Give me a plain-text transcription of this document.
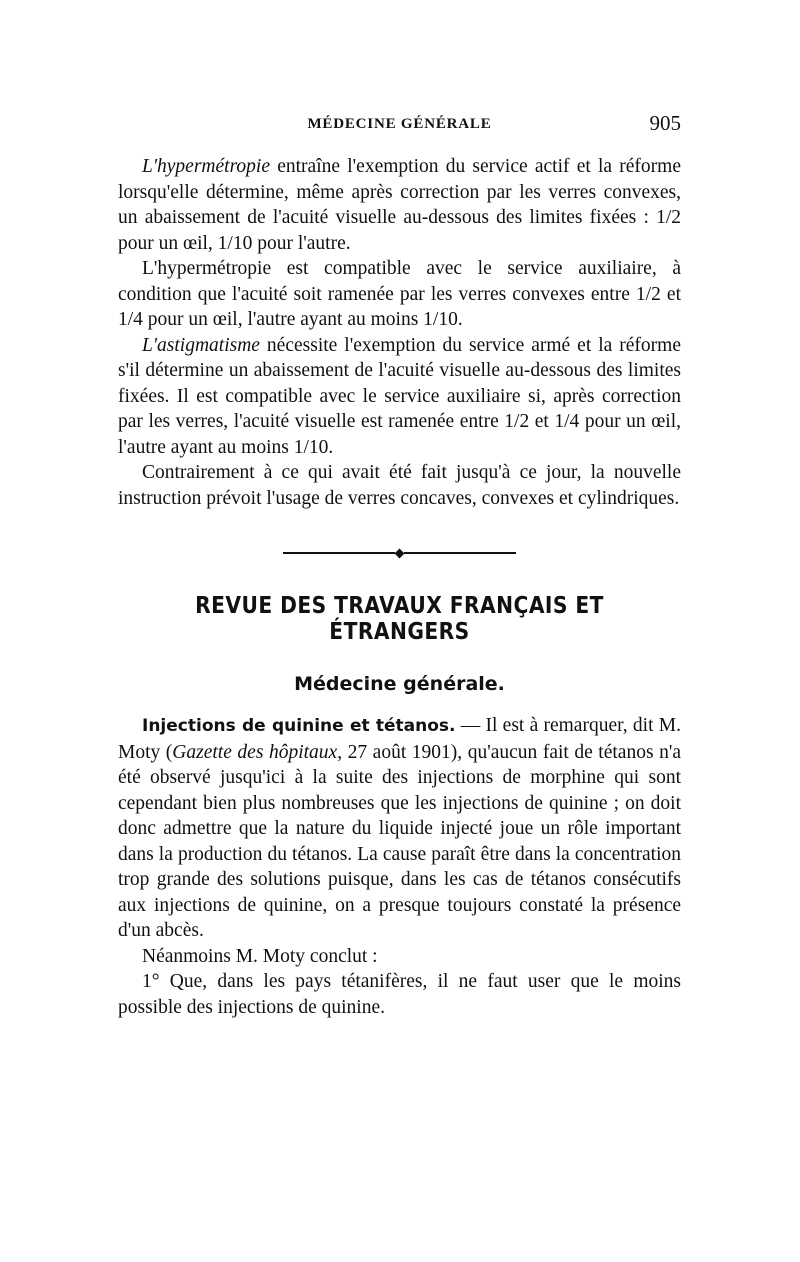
MÉDECINE GÉNÉRALE	905

L'hypermétropie entraîne l'exemption du service actif et la réforme lorsqu'elle détermine, même après correction par les verres convexes, un abaissement de l'acuité visuelle au-dessous des limites fixées : 1/2 pour un œil, 1/10 pour l'autre.

L'hypermétropie est compatible avec le service auxiliaire, à condition que l'acuité soit ramenée par les verres convexes entre 1/2 et 1/4 pour un œil, l'autre ayant au moins 1/10.

L'astigmatisme nécessite l'exemption du service armé et la réforme s'il détermine un abaissement de l'acuité visuelle au-dessous des limites fixées. Il est compatible avec le service auxiliaire si, après correction par les verres, l'acuité visuelle est ramenée entre 1/2 et 1/4 pour un œil, l'autre ayant au moins 1/10.

Contrairement à ce qui avait été fait jusqu'à ce jour, la nouvelle instruction prévoit l'usage de verres concaves, convexes et cylindriques.

REVUE DES TRAVAUX FRANÇAIS ET ÉTRANGERS
Médecine générale.

Injections de quinine et tétanos. — Il est à remarquer, dit M. Moty (Gazette des hôpitaux, 27 août 1901), qu'aucun fait de tétanos n'a été observé jusqu'ici à la suite des injections de morphine qui sont cependant bien plus nombreuses que les injections de quinine ; on doit donc admettre que la nature du liquide injecté joue un rôle important dans la production du tétanos. La cause paraît être dans la concentration trop grande des solutions puisque, dans les cas de tétanos consécutifs aux injections de quinine, on a presque toujours constaté la présence d'un abcès.

Néanmoins M. Moty conclut :

1° Que, dans les pays tétanifères, il ne faut user que le moins possible des injections de quinine.
